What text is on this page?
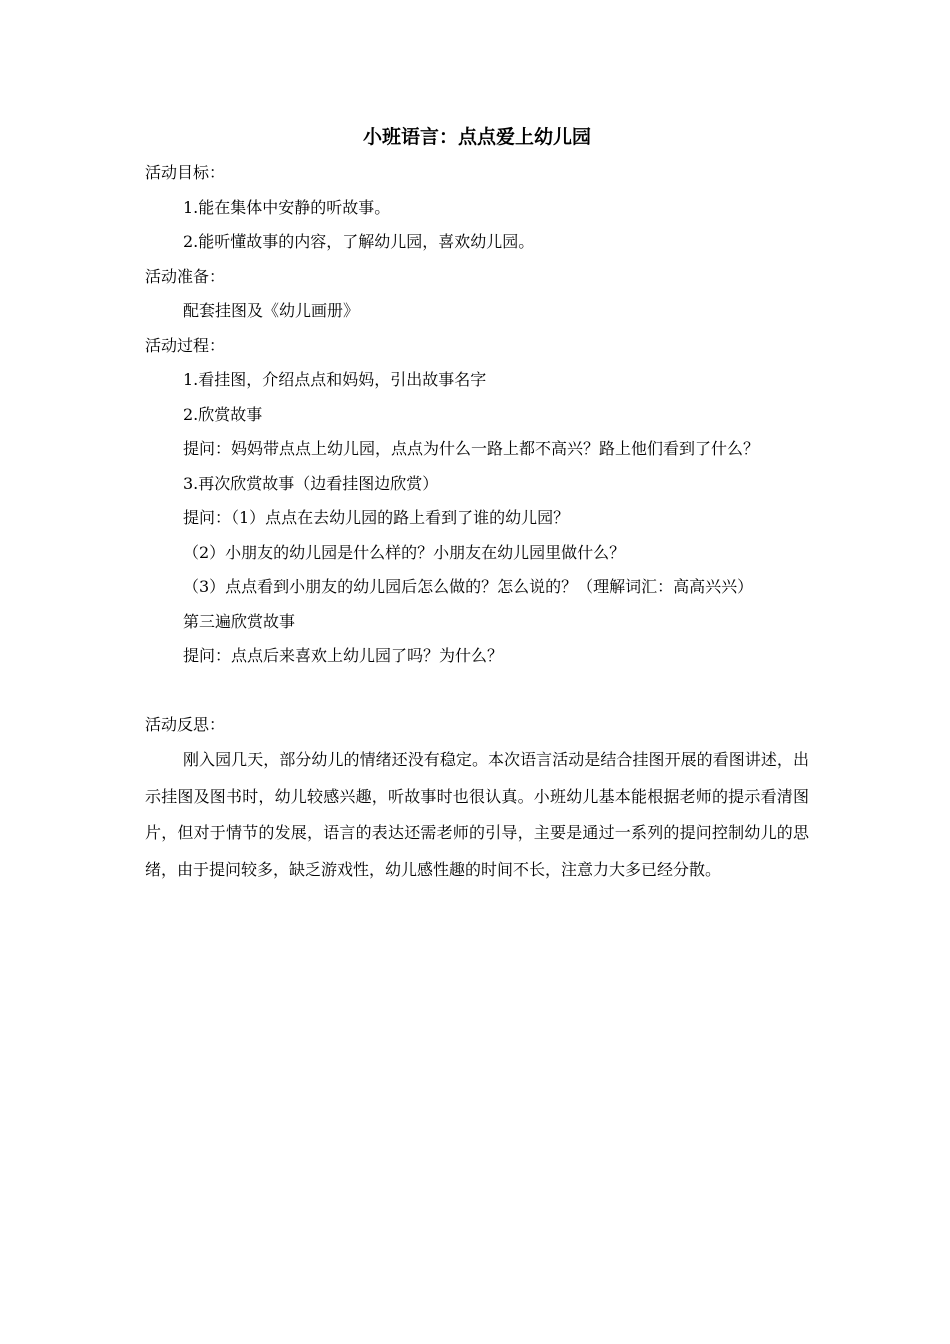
小班语言：点点爱上幼儿园

活动目标：

1.能在集体中安静的听故事。

2.能听懂故事的内容，了解幼儿园，喜欢幼儿园。

活动准备：

配套挂图及《幼儿画册》

活动过程：

1.看挂图，介绍点点和妈妈，引出故事名字

2.欣赏故事

提问：妈妈带点点上幼儿园，点点为什么一路上都不高兴？路上他们看到了什么？

3.再次欣赏故事（边看挂图边欣赏）

提问：（1）点点在去幼儿园的路上看到了谁的幼儿园？

（2）小朋友的幼儿园是什么样的？小朋友在幼儿园里做什么？

（3）点点看到小朋友的幼儿园后怎么做的？怎么说的？（理解词汇：高高兴兴）

第三遍欣赏故事

提问：点点后来喜欢上幼儿园了吗？为什么？

活动反思：

刚入园几天，部分幼儿的情绪还没有稳定。本次语言活动是结合挂图开展的看图讲述，出示挂图及图书时，幼儿较感兴趣，听故事时也很认真。小班幼儿基本能根据老师的提示看清图片，但对于情节的发展，语言的表达还需老师的引导，主要是通过一系列的提问控制幼儿的思绪，由于提问较多，缺乏游戏性，幼儿感性趣的时间不长，注意力大多已经分散。
